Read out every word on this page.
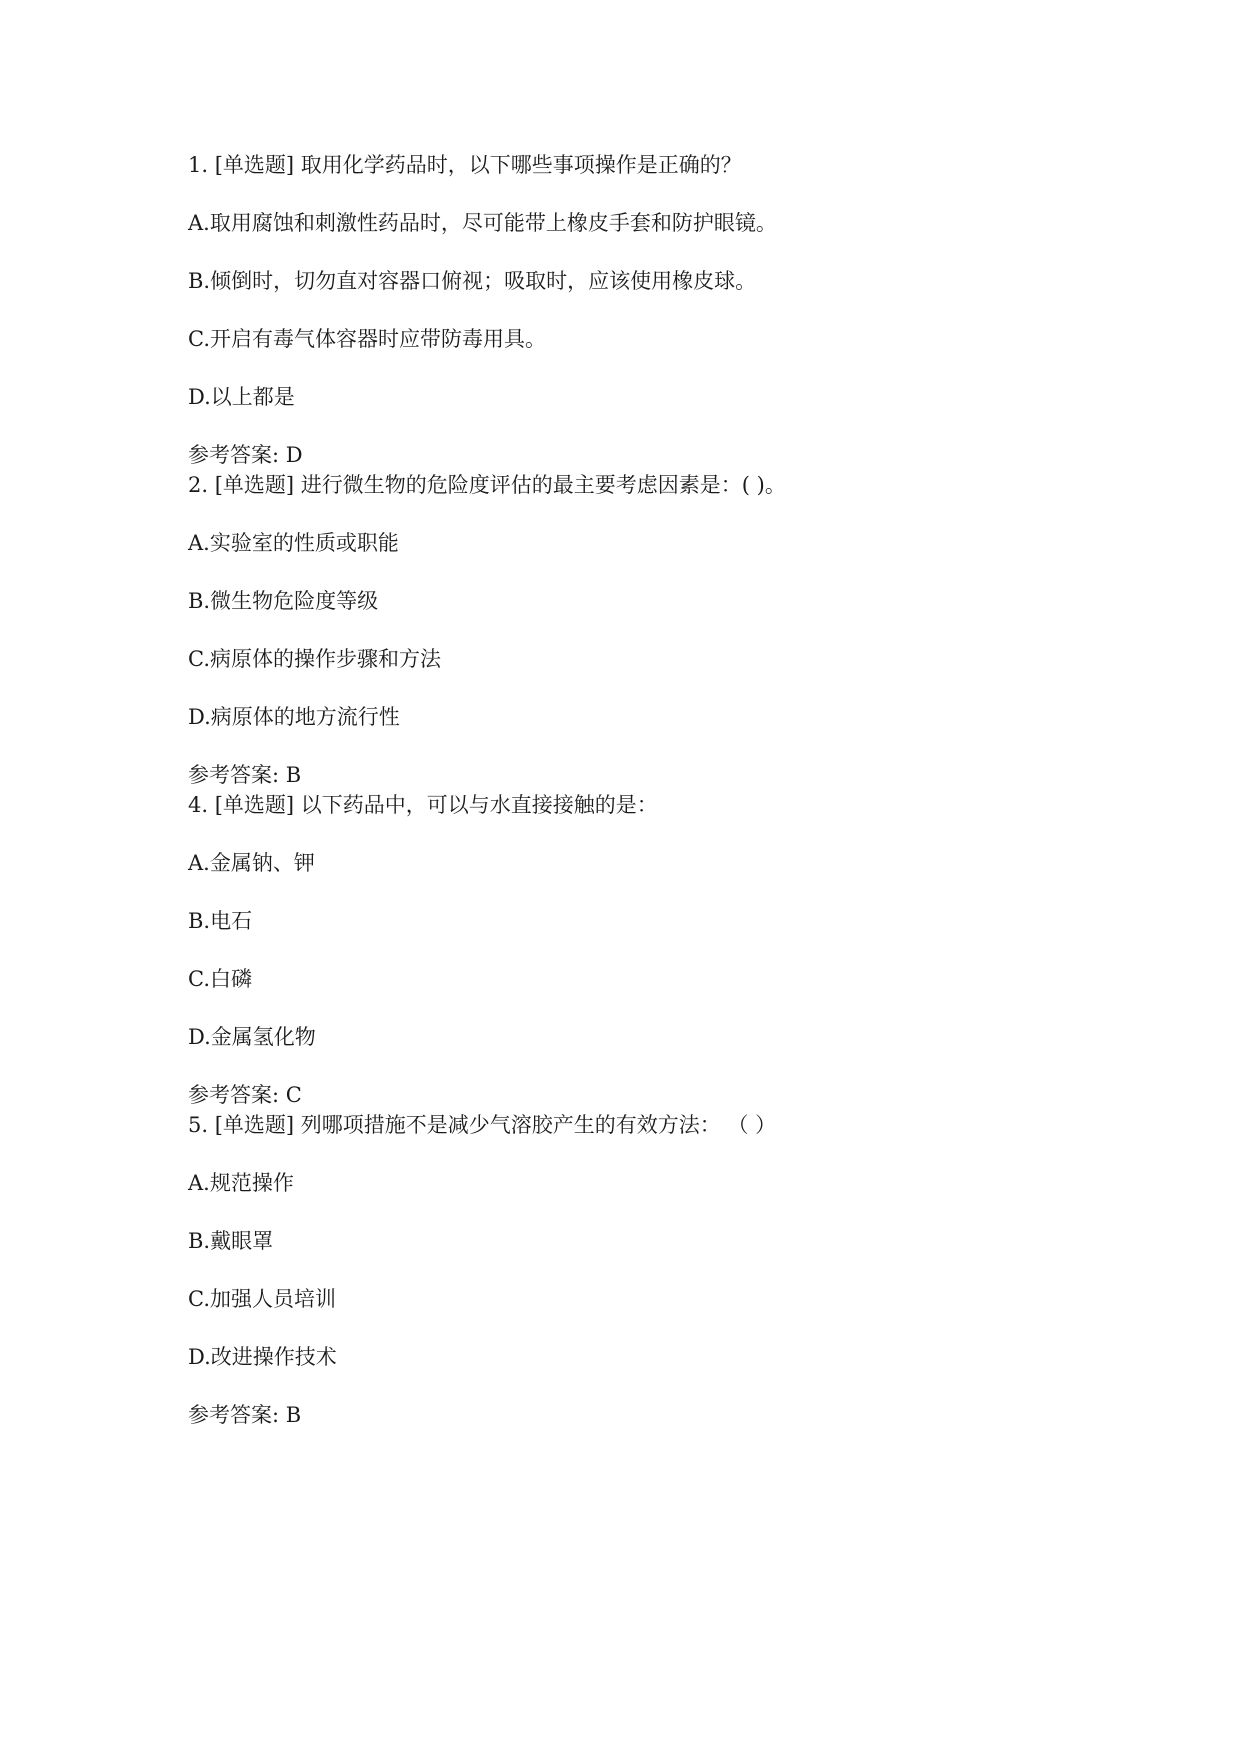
1. [单选题] 取用化学药品时，以下哪些事项操作是正确的？
A.取用腐蚀和刺激性药品时，尽可能带上橡皮手套和防护眼镜。
B.倾倒时，切勿直对容器口俯视；吸取时，应该使用橡皮球。
C.开启有毒气体容器时应带防毒用具。
D.以上都是
参考答案: D
2. [单选题] 进行微生物的危险度评估的最主要考虑因素是：( )。
A.实验室的性质或职能
B.微生物危险度等级
C.病原体的操作步骤和方法
D.病原体的地方流行性
参考答案: B
4. [单选题] 以下药品中，可以与水直接接触的是：
A.金属钠、钾
B.电石
C.白磷
D.金属氢化物
参考答案: C
5. [单选题] 列哪项措施不是减少气溶胶产生的有效方法： （ ）
A.规范操作
B.戴眼罩
C.加强人员培训
D.改进操作技术
参考答案: B
